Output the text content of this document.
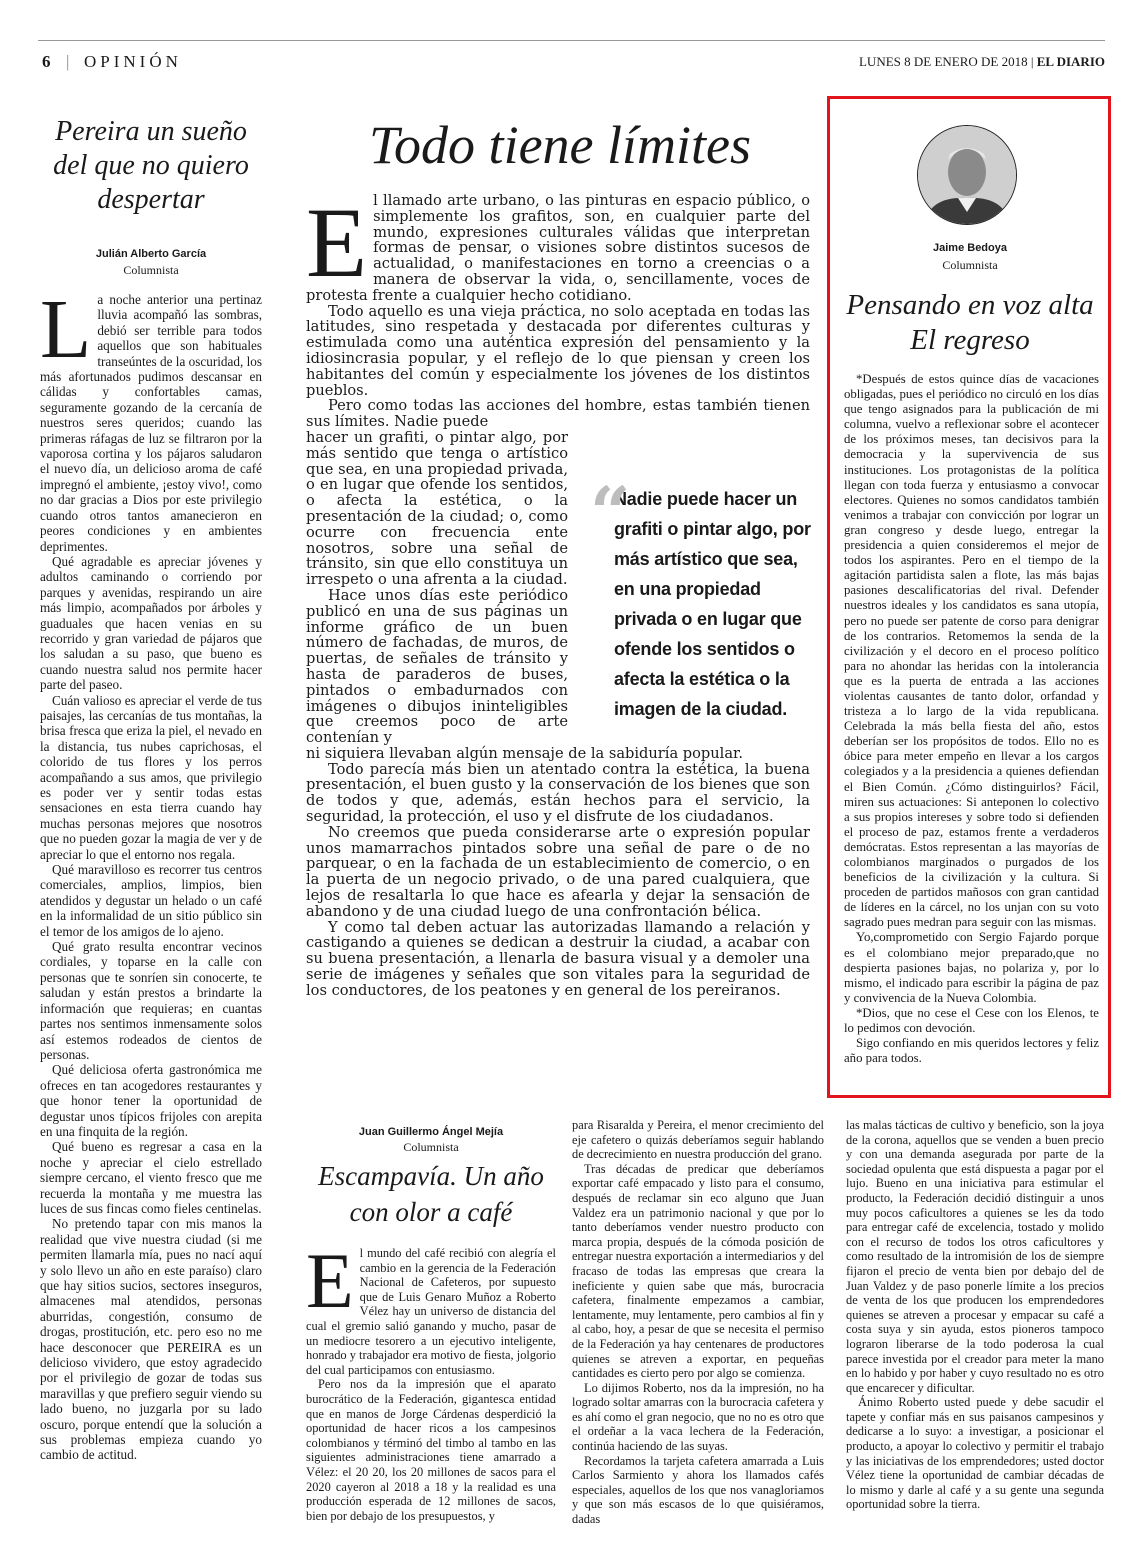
6 | OPINIÓN	LUNES 8 DE ENERO DE 2018 | EL DIARIO
Pereira un sueño del que no quiero despertar
Julián Alberto García
Columnista
L a noche anterior una pertinaz lluvia acompañó las sombras, debió ser terrible para todos aquellos que son habituales transeúntes de la oscuridad, los más afortunados pudimos descansar en cálidas y confortables camas, seguramente gozando de la cercanía de nuestros seres queridos; cuando las primeras ráfagas de luz se filtraron por la vaporosa cortina y los pájaros saludaron el nuevo día, un delicioso aroma de café impregnó el ambiente, ¡estoy vivo!, como no dar gracias a Dios por este privilegio cuando otros tantos amanecieron en peores condiciones y en ambientes deprimentes.

Qué agradable es apreciar jóvenes y adultos caminando o corriendo por parques y avenidas, respirando un aire más limpio, acompañados por árboles y guaduales que hacen venias en su recorrido y gran variedad de pájaros que los saludan a su paso, que bueno es cuando nuestra salud nos permite hacer parte del paseo.

Cuán valioso es apreciar el verde de tus paisajes, las cercanías de tus montañas, la brisa fresca que eriza la piel, el nevado en la distancia, tus nubes caprichosas, el colorido de tus flores y los perros acompañando a sus amos, que privilegio es poder ver y sentir todas estas sensaciones en esta tierra cuando hay muchas personas mejores que nosotros que no pueden gozar la magia de ver y de apreciar lo que el entorno nos regala.

Qué maravilloso es recorrer tus centros comerciales, amplios, limpios, bien atendidos y degustar un helado o un café en la informalidad de un sitio público sin el temor de los amigos de lo ajeno.

Qué grato resulta encontrar vecinos cordiales, y toparse en la calle con personas que te sonríen sin conocerte, te saludan y están prestos a brindarte la información que requieras; en cuantas partes nos sentimos inmensamente solos así estemos rodeados de cientos de personas.

Qué deliciosa oferta gastronómica me ofreces en tan acogedores restaurantes y que honor tener la oportunidad de degustar unos típicos frijoles con arepita en una finquita de la región.

Qué bueno es regresar a casa en la noche y apreciar el cielo estrellado siempre cercano, el viento fresco que me recuerda la montaña y me muestra las luces de sus fincas como fieles centinelas.

No pretendo tapar con mis manos la realidad que vive nuestra ciudad (si me permiten llamarla mía, pues no nací aquí y solo llevo un año en este paraíso) claro que hay sitios sucios, sectores inseguros, almacenes mal atendidos, personas aburridas, congestión, consumo de drogas, prostitución, etc. pero eso no me hace desconocer que PEREIRA es un delicioso vividero, que estoy agradecido por el privilegio de gozar de todas sus maravillas y que prefiero seguir viendo su lado bueno, no juzgarla por su lado oscuro, porque entendí que la solución a sus problemas empieza cuando yo cambio de actitud.

Todo tiene límites
E l llamado arte urbano, o las pinturas en espacio público, o simplemente los grafitos, son, en cualquier parte del mundo, expresiones culturales válidas que interpretan formas de pensar, o visiones sobre distintos sucesos de actualidad, o manifestaciones en torno a creencias o a manera de observar la vida, o, sencillamente, voces de protesta frente a cualquier hecho cotidiano.

Todo aquello es una vieja práctica, no solo aceptada en todas las latitudes, sino respetada y destacada por diferentes culturas y estimulada como una auténtica expresión del pensamiento y la idiosincrasia popular, y el reflejo de lo que piensan y creen los habitantes del común y especialmente los jóvenes de los distintos pueblos.

Pero como todas las acciones del hombre, estas también tienen sus límites. Nadie puede

hacer un grafiti, o pintar algo, por más sentido que tenga o artístico que sea, en una propiedad privada, o en lugar que ofende los sentidos, o afecta la estética, o la presentación de la ciudad; o, como ocurre con frecuencia ente nosotros, sobre una señal de tránsito, sin que ello constituya un irrespeto o una afrenta a la ciudad.

Hace unos días este periódico publicó en una de sus páginas un informe gráfico de un buen número de fachadas, de muros, de puertas, de señales de tránsito y hasta de paraderos de buses, pintados o embadurnados con imágenes o dibujos ininteligibles que creemos poco de arte contenían y

ni siquiera llevaban algún mensaje de la sabiduría popular.

Todo parecía más bien un atentado contra la estética, la buena presentación, el buen gusto y la conservación de los bienes que son de todos y que, además, están hechos para el servicio, la seguridad, la protección, el uso y el disfrute de los ciudadanos.

No creemos que pueda considerarse arte o expresión popular unos mamarrachos pintados sobre una señal de pare o de no parquear, o en la fachada de un establecimiento de comercio, o en la puerta de un negocio privado, o de una pared cualquiera, que lejos de resaltarla lo que hace es afearla y dejar la sensación de abandono y de una ciudad luego de una confrontación bélica.

Y como tal deben actuar las autorizadas llamando a relación y castigando a quienes se dedican a destruir la ciudad, a acabar con su buena presentación, a llenarla de basura visual y a demoler una serie de imágenes y señales que son vitales para la seguridad de los conductores, de los peatones y en general de los pereiranos.

“
Nadie puede hacer un grafiti o pintar algo, por más artístico que sea, en una propiedad privada o en lugar que ofende los sentidos o afecta la estética o la imagen de la ciudad.
Jaime Bedoya
Columnista
Pensando en voz alta
El regreso

*Después de estos quince días de vacaciones obligadas, pues el periódico no circuló en los días que tengo asignados para la publicación de mi columna, vuelvo a reflexionar sobre el acontecer de los próximos meses, tan decisivos para la democracia y la supervivencia de sus instituciones. Los protagonistas de la política llegan con toda fuerza y entusiasmo a convocar electores. Quienes no somos candidatos también venimos a trabajar con convicción por lograr un gran congreso y desde luego, entregar la presidencia a quien consideremos el mejor de todos los aspirantes. Pero en el tiempo de la agitación partidista salen a flote, las más bajas pasiones descalificatorias del rival. Defender nuestros ideales y los candidatos es sana utopía, pero no puede ser patente de corso para denigrar de los contrarios. Retomemos la senda de la civilización y el decoro en el proceso político para no ahondar las heridas con la intolerancia que es la puerta de entrada a las acciones violentas causantes de tanto dolor, orfandad y tristeza a lo largo de la vida republicana. Celebrada la más bella fiesta del año, estos deberían ser los propósitos de todos. Ello no es óbice para meter empeño en llevar a los cargos colegiados y a la presidencia a quienes defiendan el Bien Común. ¿Cómo distinguirlos? Fácil, miren sus actuaciones: Si anteponen lo colectivo a sus propios intereses y sobre todo si defienden el proceso de paz, estamos frente a verdaderos demócratas. Estos representan a las mayorías de colombianos marginados o purgados de los beneficios de la civilización y la cultura. Si proceden de partidos mañosos con gran cantidad de líderes en la cárcel, no los unjan con su voto sagrado pues medran para seguir con las mismas.

Yo,comprometido con Sergio Fajardo porque es el colombiano mejor preparado,que no despierta pasiones bajas, no polariza y, por lo mismo, el indicado para escribir la página de paz y convivencia de la Nueva Colombia.

*Dios, que no cese el Cese con los Elenos, te lo pedimos con devoción.

Sigo confiando en mis queridos lectores y feliz año para todos.

Juan Guillermo Ángel Mejía
Columnista
Escampavía. Un año con olor a café
E l mundo del café recibió con alegría el cambio en la gerencia de la Federación Nacional de Cafeteros, por supuesto que de Luis Genaro Muñoz a Roberto Vélez hay un universo de distancia del cual el gremio salió ganando y mucho, pasar de un mediocre tesorero a un ejecutivo inteligente, honrado y trabajador era motivo de fiesta, jolgorio del cual participamos con entusiasmo.

Pero nos da la impresión que el aparato burocrático de la Federación, gigantesca entidad que en manos de Jorge Cárdenas desperdició la oportunidad de hacer ricos a los campesinos colombianos y términó del timbo al tambo en las siguientes administraciones tiene amarrado a Vélez: el 20 20, los 20 millones de sacos para el 2020 cayeron al 2018 a 18 y la realidad es una producción esperada de 12 millones de sacos, bien por debajo de los presupuestos, y

para Risaralda y Pereira, el menor crecimiento del eje cafetero o quizás deberíamos seguir hablando de decrecimiento en nuestra producción del grano.

Tras décadas de predicar que deberíamos exportar café empacado y listo para el consumo, después de reclamar sin eco alguno que Juan Valdez era un patrimonio nacional y que por lo tanto deberíamos vender nuestro producto con marca propia, después de la cómoda posición de entregar nuestra exportación a intermediarios y del fracaso de todas las empresas que creara la ineficiente y quien sabe que más, burocracia cafetera, finalmente empezamos a cambiar, lentamente, muy lentamente, pero cambios al fin y al cabo, hoy, a pesar de que se necesita el permiso de la Federación ya hay centenares de productores quienes se atreven a exportar, en pequeñas cantidades es cierto pero por algo se comienza.

Lo dijimos Roberto, nos da la impresión, no ha logrado soltar amarras con la burocracia cafetera y es ahí como el gran negocio, que no no es otro que el ordeñar a la vaca lechera de la Federación, continúa haciendo de las suyas.

Recordamos la tarjeta cafetera amarrada a Luis Carlos Sarmiento y ahora los llamados cafés especiales, aquellos de los que nos vanagloriamos y que son más escasos de lo que quisiéramos, dadas

las malas tácticas de cultivo y beneficio, son la joya de la corona, aquellos que se venden a buen precio y con una demanda asegurada por parte de la sociedad opulenta que está dispuesta a pagar por el lujo. Bueno en una iniciativa para estimular el producto, la Federación decidió distinguir a unos muy pocos caficultores a quienes se les da todo para entregar café de excelencia, tostado y molido con el recurso de todos los otros caficultores y como resultado de la intromisión de los de siempre fijaron el precio de venta bien por debajo del de Juan Valdez y de paso ponerle límite a los precios de venta de los que producen los emprendedores quienes se atreven a procesar y empacar su café a costa suya y sin ayuda, estos pioneros tampoco lograron liberarse de la todo poderosa la cual parece investida por el creador para meter la mano en lo habido y por haber y cuyo resultado no es otro que encarecer y dificultar.

Ánimo Roberto usted puede y debe sacudir el tapete y confiar más en sus paisanos campesinos y dedicarse a lo suyo: a investigar, a posicionar el producto, a apoyar lo colectivo y permitir el trabajo y las iniciativas de los emprendedores; usted doctor Vélez tiene la oportunidad de cambiar décadas de lo mismo y darle al café y a su gente una segunda oportunidad sobre la tierra.
